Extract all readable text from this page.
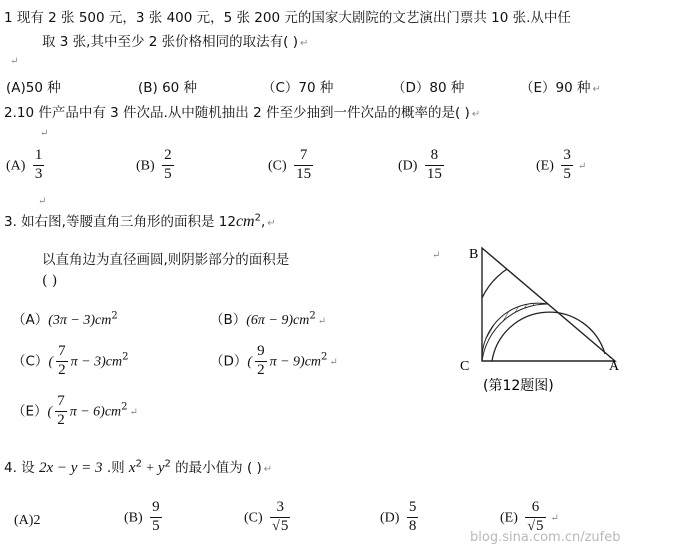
1 现有 2 张 500 元，3 张 400 元，5 张 200 元的国家大剧院的文艺演出门票共 10 张.从中任
取 3 张,其中至少 2 张价格相同的取法有( ) ↵
↵
(A)50 种	(B) 60 种	（C）70 种	（D）80 种	（E）90 种 ↵
2.10 件产品中有 3 件次品.从中随机抽出 2 件至少抽到一件次品的概率的是( ) ↵
↵
$(A) \frac{1}{3}$	$(B) \frac{2}{5}$	$(C) \frac{7}{15}$	$(D) \frac{8}{15}$	$(E) \frac{3}{5}$ ↵
↵
3. 如右图,等腰直角三角形的面积是 $12cm^2$, ↵
以直角边为直径画圆,则阴影部分的面积是	↵
( )
$(A)(3\pi - 3)cm^2$	$(B)(6\pi - 9)cm^2↵$
$(C)( \frac{7}{2}$ $\pi - 3)cm^2$	$(D)( \frac{9}{2}$ $\pi - 9)cm^2↵$
$(E)( \frac{7}{2}$ $\pi - 6)cm^2↵$
B
C	A
(第12题图)
4. 设 2x − y = 3 .则 $x^2 + y^2$ 的最小值为 ( ) ↵
(A)2	$(B) \frac{9}{5}$	$(C) \frac{3}{√5}$	$(D) \frac{5}{8}$	$(E) \frac{6}{√5}$ ↵
blog.sina.com.cn/zufeb
